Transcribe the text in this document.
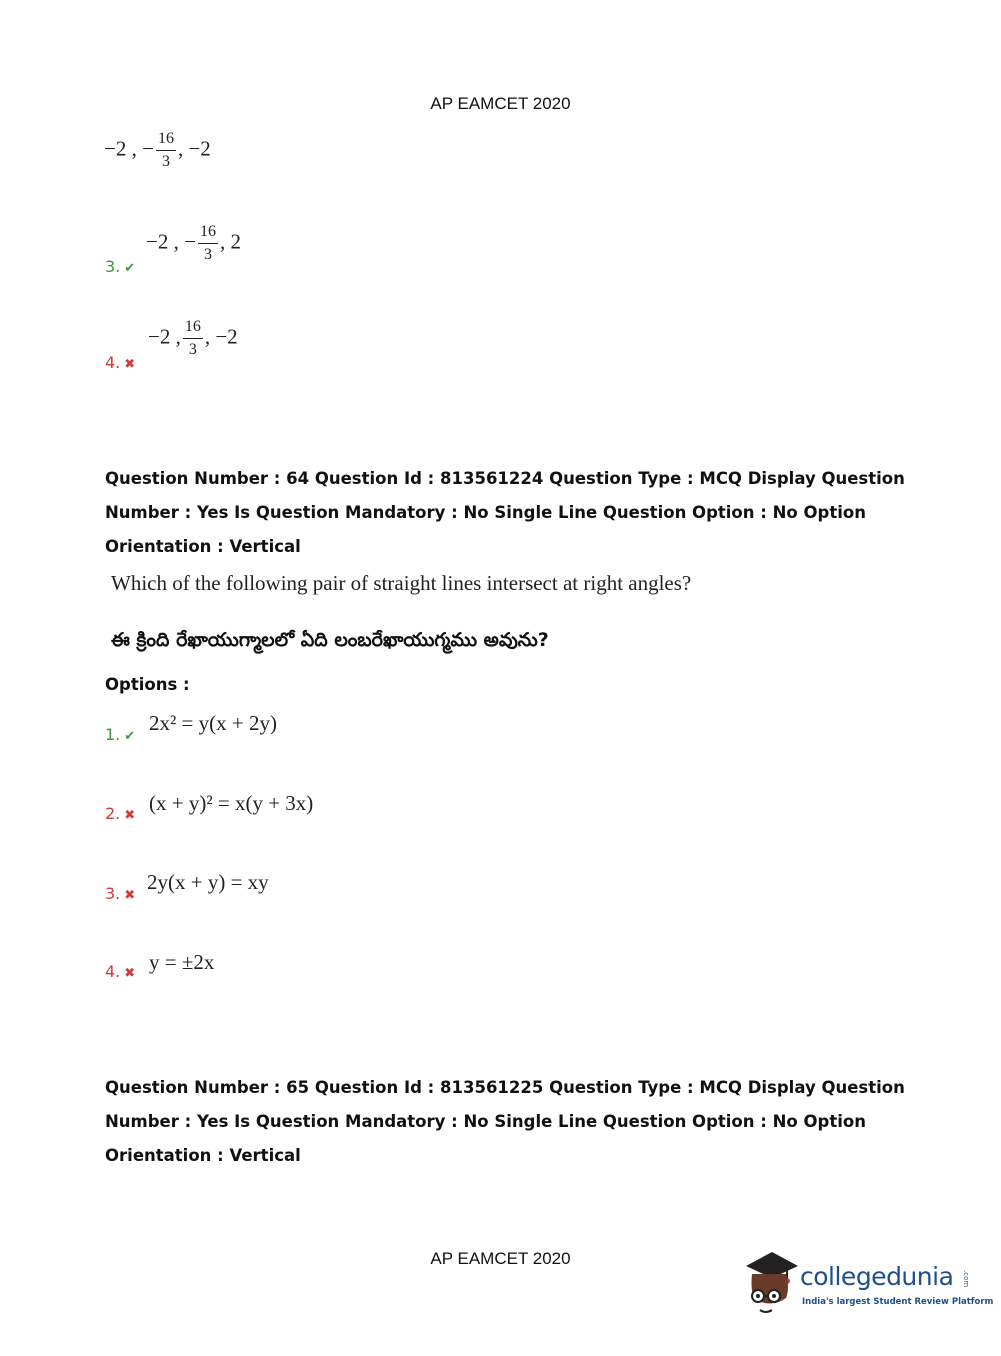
AP EAMCET 2020
−2 , − $\frac{16}{3}$ , −2
3. ✔
−2 , − $\frac{16}{3}$ , 2
4. ✖
−2 , $\frac{16}{3}$ , −2
Question Number : 64 Question Id : 813561224 Question Type : MCQ Display Question
Number : Yes Is Question Mandatory : No Single Line Question Option : No Option
Orientation : Vertical
Which of the following pair of straight lines intersect at right angles?
ఈ క్రింది రేఖాయుగ్మాలలో ఏది లంబరేఖాయుగ్మము అవును?
Options :
1. ✔
2x² = y(x + 2y)
2. ✖
(x + y)² = x(y + 3x)
3. ✖
2y(x + y) = xy
4. ✖ y = ±2x
Question Number : 65 Question Id : 813561225 Question Type : MCQ Display Question
Number : Yes Is Question Mandatory : No Single Line Question Option : No Option
Orientation : Vertical
AP EAMCET 2020
collegedunia .com
India's largest Student Review Platform
